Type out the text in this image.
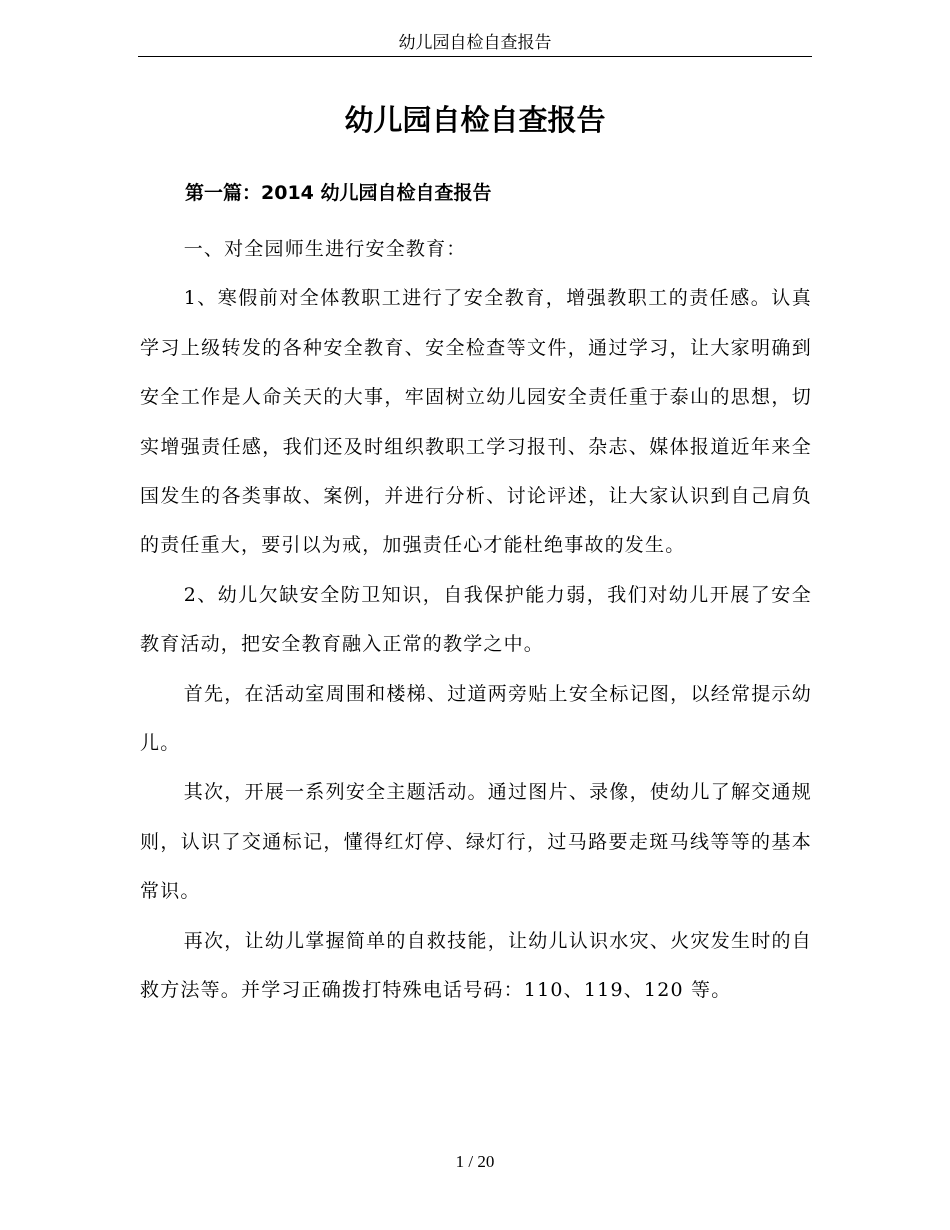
幼儿园自检自查报告
幼儿园自检自查报告
第一篇：2014 幼儿园自检自查报告

一、对全园师生进行安全教育：

1、寒假前对全体教职工进行了安全教育，增强教职工的责任感。认真学习上级转发的各种安全教育、安全检查等文件，通过学习，让大家明确到安全工作是人命关天的大事，牢固树立幼儿园安全责任重于泰山的思想，切实增强责任感，我们还及时组织教职工学习报刊、杂志、媒体报道近年来全国发生的各类事故、案例，并进行分析、讨论评述，让大家认识到自己肩负的责任重大，要引以为戒，加强责任心才能杜绝事故的发生。

2、幼儿欠缺安全防卫知识，自我保护能力弱，我们对幼儿开展了安全教育活动，把安全教育融入正常的教学之中。

首先，在活动室周围和楼梯、过道两旁贴上安全标记图，以经常提示幼儿。

其次，开展一系列安全主题活动。通过图片、录像，使幼儿了解交通规则，认识了交通标记，懂得红灯停、绿灯行，过马路要走斑马线等等的基本常识。

再次，让幼儿掌握简单的自救技能，让幼儿认识水灾、火灾发生时的自救方法等。并学习正确拨打特殊电话号码：110、119、120 等。

1 / 20
